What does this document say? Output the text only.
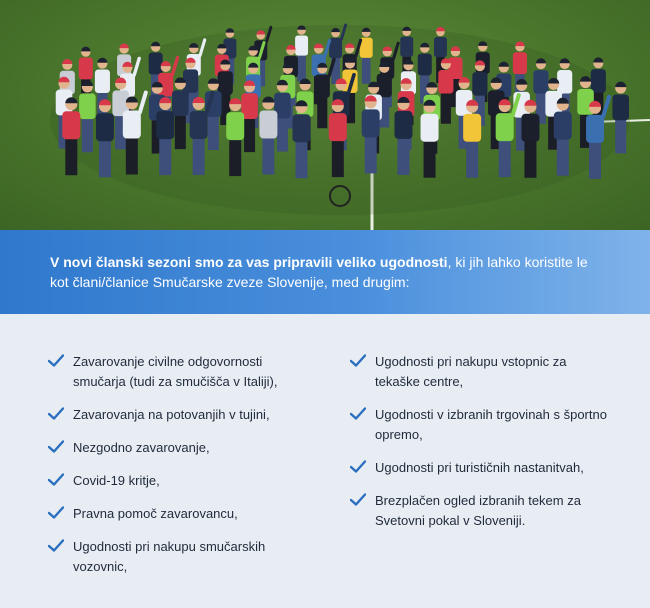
V novi članski sezoni smo za vas pripravili veliko ugodnosti, ki jih lahko koristite le kot člani/članice Smučarske zveze Slovenije, med drugim:

Zavarovanje civilne odgovornosti smučarja (tudi za smučišča v Italiji),
Zavarovanja na potovanjih v tujini,
Nezgodno zavarovanje,
Covid-19 kritje,
Pravna pomoč zavarovancu,
Ugodnosti pri nakupu smučarskih vozovnic,
Ugodnosti pri nakupu vstopnic za tekaške centre,
Ugodnosti v izbranih trgovinah s športno opremo,
Ugodnosti pri turističnih nastanitvah,
Brezplačen ogled izbranih tekem za Svetovni pokal v Sloveniji.
